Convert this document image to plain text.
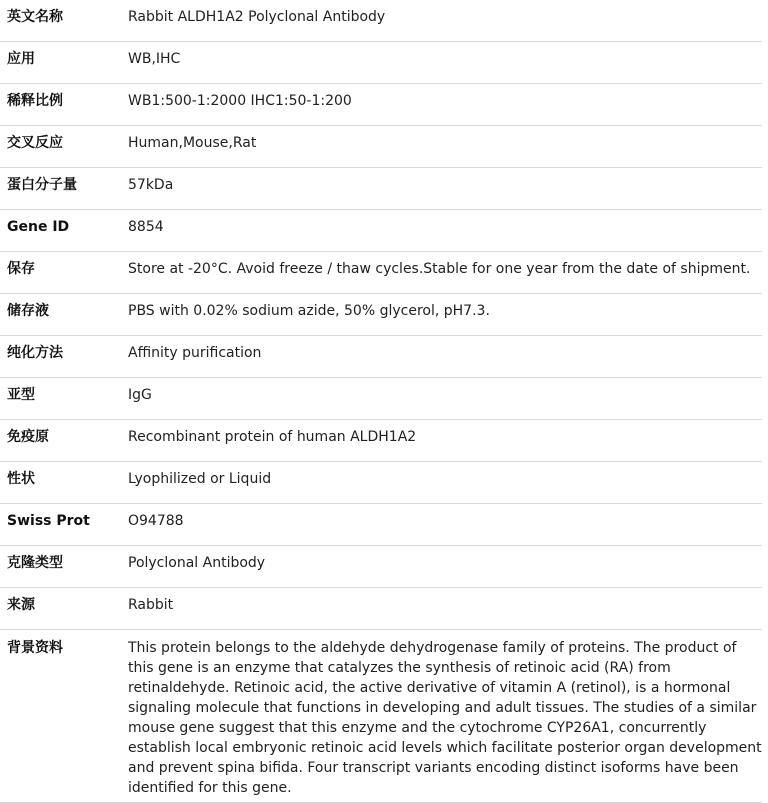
英文名称	Rabbit ALDH1A2 Polyclonal Antibody
应用	WB,IHC
稀释比例	WB1:500-1:2000 IHC1:50-1:200
交叉反应	Human,Mouse,Rat
蛋白分子量	57kDa
Gene ID	8854
保存	Store at -20°C. Avoid freeze / thaw cycles.Stable for one year from the date of shipment.
储存液	PBS with 0.02% sodium azide, 50% glycerol, pH7.3.
纯化方法	Affinity purification
亚型	IgG
免疫原	Recombinant protein of human ALDH1A2
性状	Lyophilized or Liquid
Swiss Prot	O94788
克隆类型	Polyclonal Antibody
来源	Rabbit
背景资料	This protein belongs to the aldehyde dehydrogenase family of proteins. The product of this gene is an enzyme that catalyzes the synthesis of retinoic acid (RA) from retinaldehyde. Retinoic acid, the active derivative of vitamin A (retinol), is a hormonal signaling molecule that functions in developing and adult tissues. The studies of a similar mouse gene suggest that this enzyme and the cytochrome CYP26A1, concurrently establish local embryonic retinoic acid levels which facilitate posterior organ development and prevent spina bifida. Four transcript variants encoding distinct isoforms have been identified for this gene.
